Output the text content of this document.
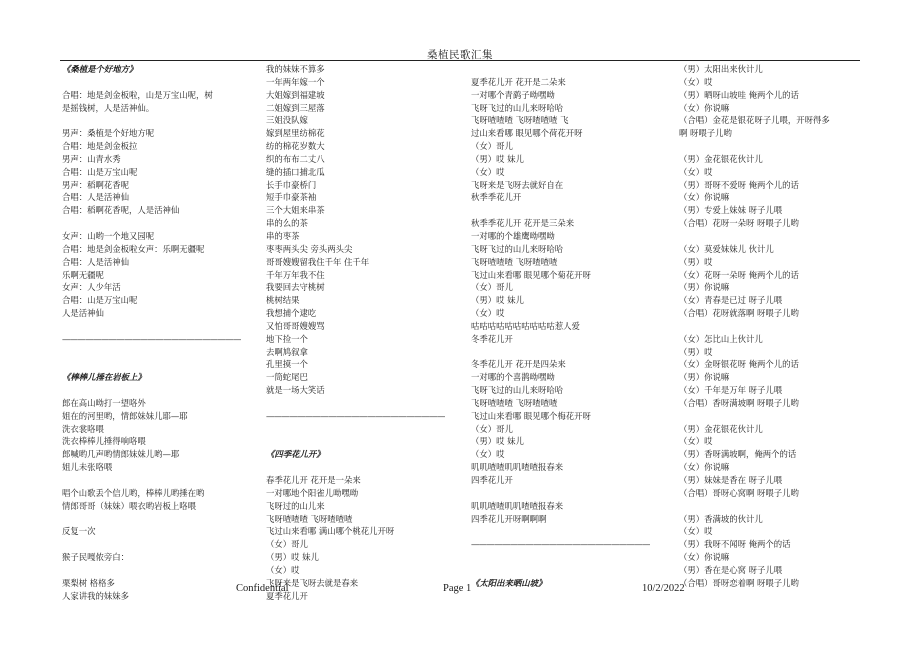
桑植民歌汇集
《桑植是个好地方》
合唱：地是剑金板啦，山是万宝山呢，树
是摇钱树，人是活神仙。
男声：桑植是个好地方呢
合唱：地是剑金板拉
男声：山青水秀
合唱：山是万宝山呢
男声：稻啊花香呢
合唱：人是活神仙
合唱：稻啊花香呢，人是活神仙
女声：山哟一个地又园呢
合唱：地是剑金板啦女声：乐啊无疆呢
合唱：人是活神仙
乐啊无疆呢
女声：人少年活
合唱：山是万宝山呢
人是活神仙
———————————————————————
《棒棒儿捶在岩板上》
郎在高山呦打一望咯外
姐在的河里哟，情郎妹妹儿耶—耶
洗衣裳咯喂
洗衣棒棒儿捶得响咯喂
郎喊哟几声哟情郎妹妹儿哟—耶
姐儿未张咯喂
唱个山歌丢个信儿哟，棒棒儿哟捶在哟
情郎哥哥（妹妹）喂衣哟岩板上咯喂
反复一次
猴子民嘎侬旁白：
栗梨树 格格多
人家讲我的妹妹多
我的妹妹不算多
一年两年嫁一个
大姐嫁到福建坡
二姐嫁到三屋落
三姐没队嫁
嫁到屋里纺棉花
纺的棉花岁数大
织的布布二丈八
缝的插口捕北瓜
长手巾豪桥门
短手巾豪茶袖
三个大姐来串茶
串的么的茶
串的枣茶
枣枣两头尖 旁头两头尖
哥哥嫂嫂留我住千年 住千年
千年万年我不住
我要回去守桃树
桃树结果
我想捕个逮吃
又怕哥哥嫂嫂骂
地下捡一个
去啊鸠叙拿
孔里摸一个
一筒蛇尾巴
就是一场大笑话
———————————————————————
《四季花儿开》
春季花儿开 花开是一朵来
一对哪地个阳雀儿呦嘿呦
飞呀过的山儿来
飞呀喳喳喳 飞呀喳喳喳
飞过山来看哪 满山哪个桃花儿开呀
（女）哥儿
（男）哎 妹儿
（女）哎
飞呀来是飞呀去就是春来
夏季花儿开
夏季花儿开 花开是二朵来
一对哪个青鹞子呦嘿呦
飞呀飞过的山儿来呀哈哈
飞呀喳喳喳 飞呀喳喳喳 飞
过山来看哪 眼见哪个荷花开呀
（女）哥儿
（男）哎 妹儿
（女）哎
飞呀来是飞呀去就好自在
秋季季花儿开
秋季季花儿开 花开是三朵来
一对哪的个雄鹰呦嘿呦
飞呀飞过的山儿来呀哈哈
飞呀喳喳喳 飞呀喳喳喳
飞过山来看哪 眼见哪个菊花开呀
（女）哥儿
（男）哎 妹儿
（女）哎
咕咕咕咕咕咕咕咕咕咕惹人爱
冬季花儿开
冬季花儿开 花开是四朵来
一对哪的个喜鹊呦嘿呦
飞呀飞过的山儿来呀哈哈
飞呀喳喳喳 飞呀喳喳喳
飞过山来看哪 眼见哪个梅花开呀
（女）哥儿
（男）哎 妹儿
（女）哎
叽叽喳喳叽叽喳喳报春来
四季花儿开
叽叽喳喳叽叽喳喳报春来
四季花儿开呀啊啊啊
———————————————————————
《太阳出来晒山坡》
（男）太阳出来伙计儿
（女）哎
（男）晒呀山坡哇 俺两个儿的话
（女）你说嘛
（合唱）金花是银花呀子儿喂，开呀得多
啊 呀喂子儿哟
（男）金花银花伙计儿
（女）哎
（男）哥呀不爱呀 俺两个儿的话
（女）你说嘛
（男）专爱上妹妹 呀子儿喂
（合唱）花呀一朵呀 呀喂子儿哟
（女）莫爱妹妹儿 伙计儿
（男）哎
（女）花呀一朵呀 俺两个儿的话
（男）你说嘛
（女）青春是已过 呀子儿喂
（合唱）花呀就落啊 呀喂子儿哟
（女）怎比山上伙计儿
（男）哎
（女）金呀银花呀 俺两个儿的话
（男）你说嘛
（女）千年是万年 呀子儿喂
（合唱）香呀满坡啊 呀喂子儿哟
（男）金花银花伙计儿
（女）哎
（男）香呀满坡啊，俺两个的话
（女）你说嘛
（男）妹妹是香在 呀子儿喂
（合唱）哥呀心窝啊 呀喂子儿哟
（男）香满坡的伙计儿
（女）哎
（男）我呀不闻呀 俺两个的话
（女）你说嘛
（男）香在是心窝 呀子儿喂
（合唱）哥呀恋着啊 呀喂子儿哟
Confidential	Page 1	10/2/2022
